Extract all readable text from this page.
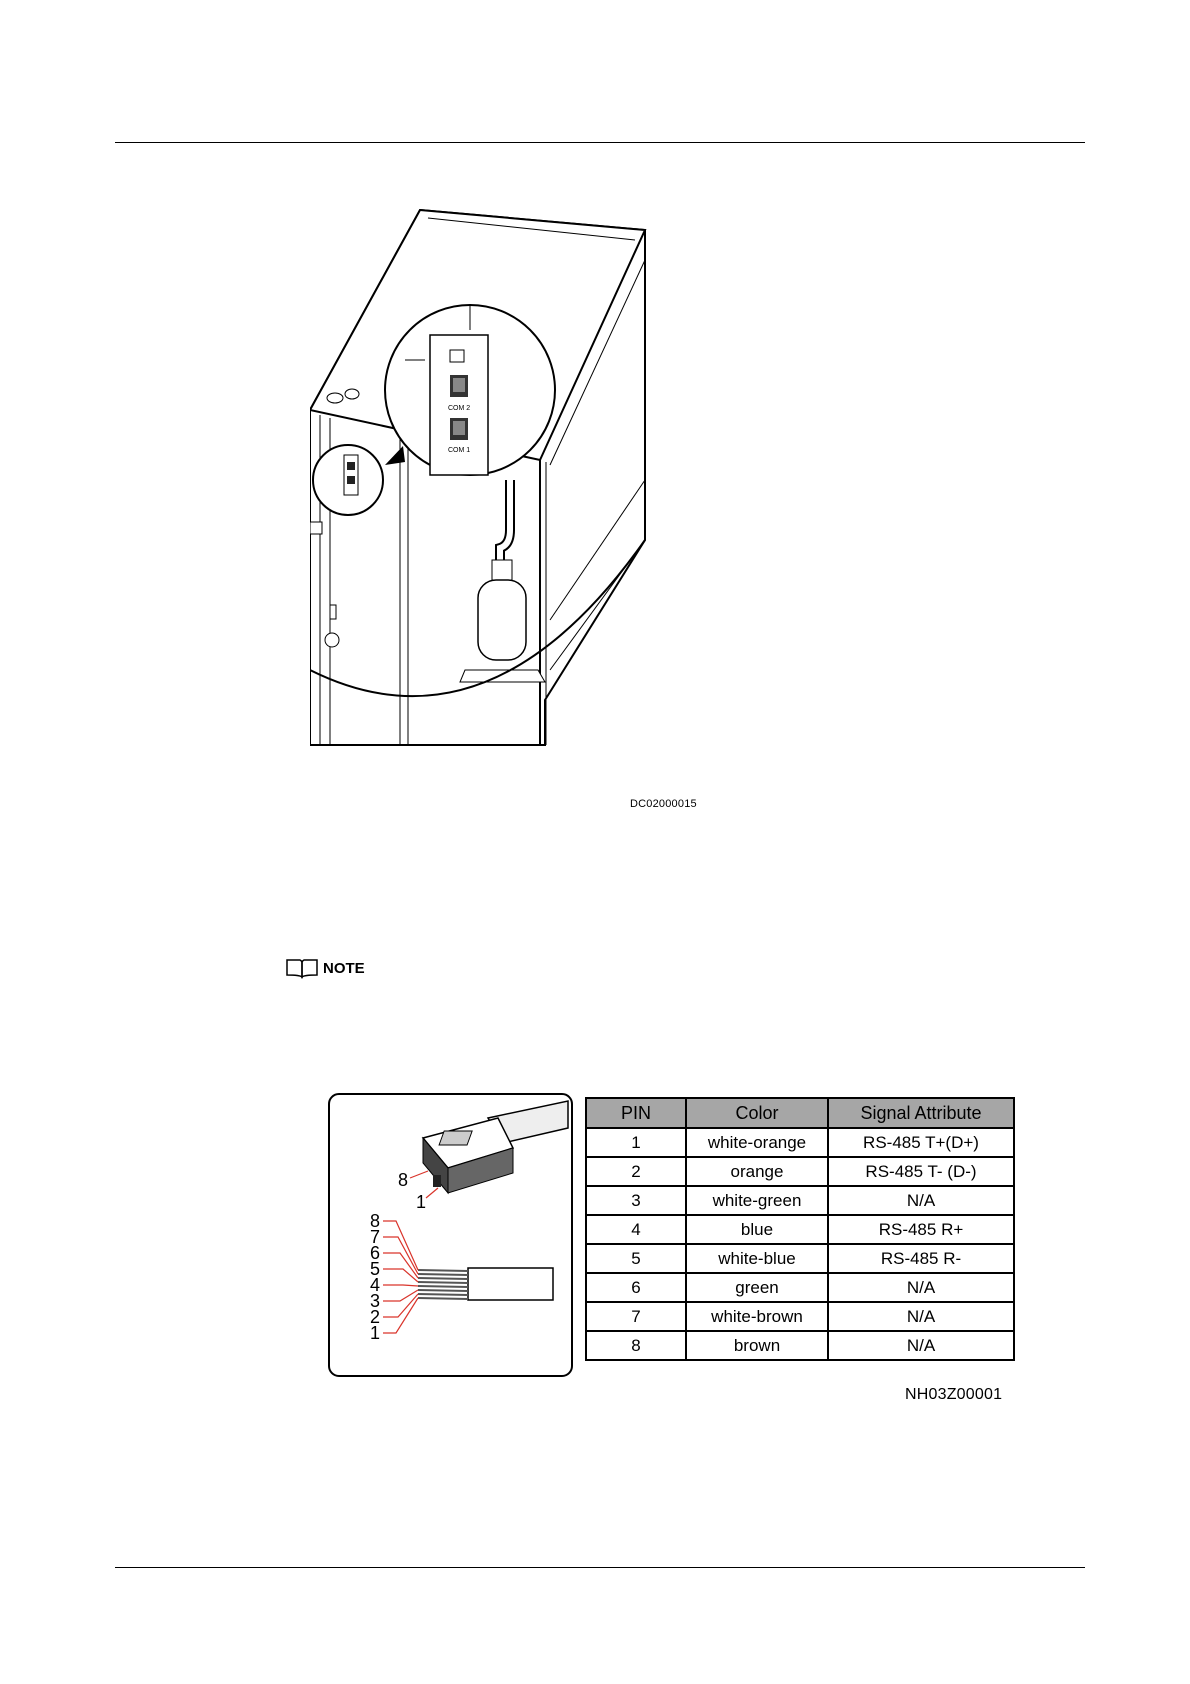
COM 2
COM 1
DC02000015
NOTE
8
1
8
7
6
5
4
3
2
1
PIN	Color	Signal Attribute
1	white-orange	RS-485 T+(D+)
2	orange	RS-485 T- (D-)
3	white-green	N/A
4	blue	RS-485 R+
5	white-blue	RS-485 R-
6	green	N/A
7	white-brown	N/A
8	brown	N/A
NH03Z00001
